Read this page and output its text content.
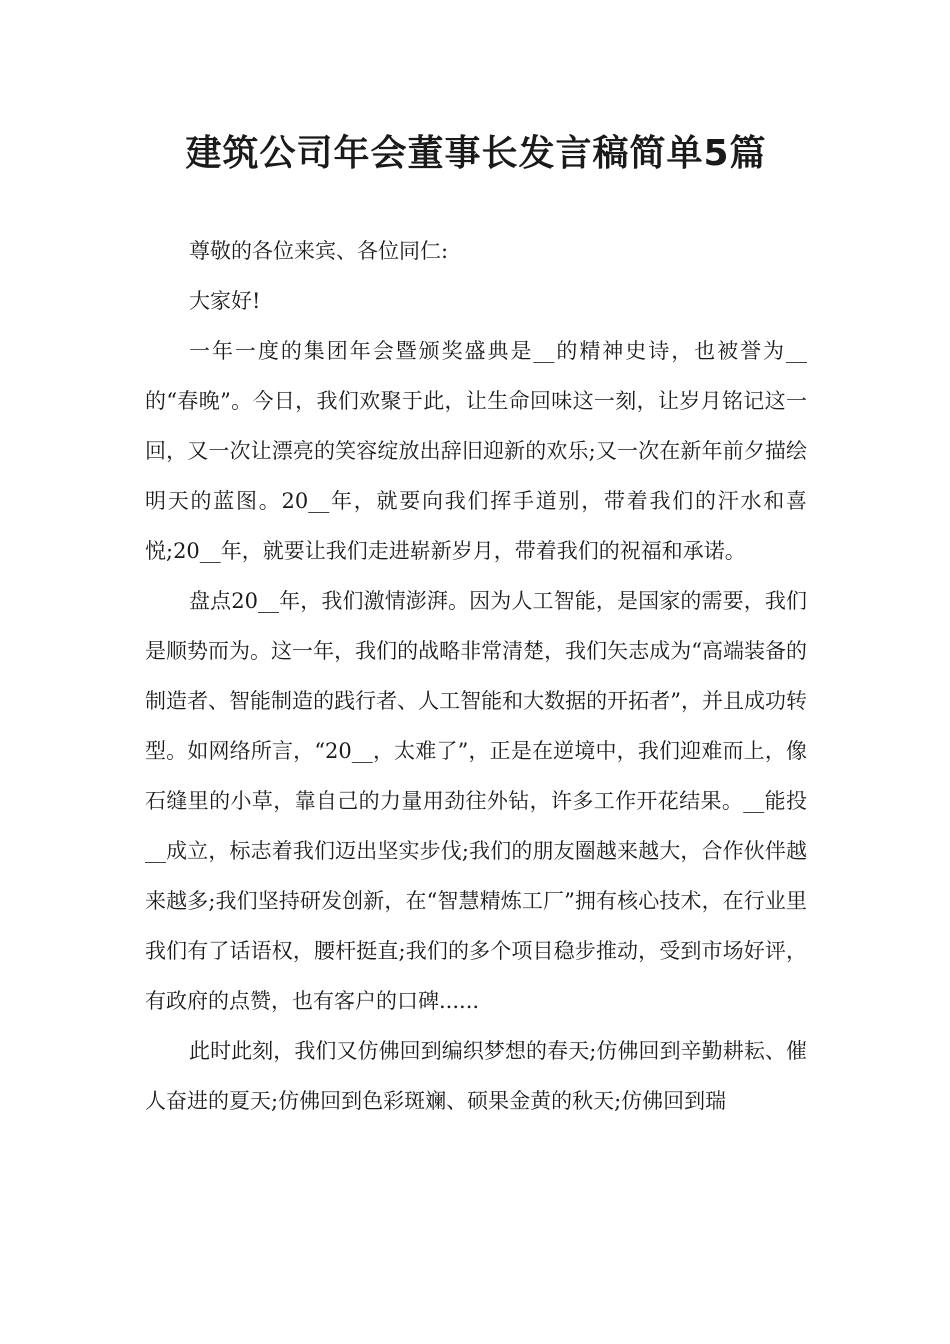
建筑公司年会董事长发言稿简单5篇

尊敬的各位来宾、各位同仁:

大家好!

一年一度的集团年会暨颁奖盛典是__的精神史诗，也被誉为__的“春晚”。今日，我们欢聚于此，让生命回味这一刻，让岁月铭记这一回，又一次让漂亮的笑容绽放出辞旧迎新的欢乐;又一次在新年前夕描绘明天的蓝图。20__年，就要向我们挥手道别，带着我们的汗水和喜悦;20__年，就要让我们走进崭新岁月，带着我们的祝福和承诺。

盘点20__年，我们激情澎湃。因为人工智能，是国家的需要，我们是顺势而为。这一年，我们的战略非常清楚，我们矢志成为“高端装备的制造者、智能制造的践行者、人工智能和大数据的开拓者”，并且成功转型。如网络所言，“20__，太难了”，正是在逆境中，我们迎难而上，像石缝里的小草，靠自己的力量用劲往外钻，许多工作开花结果。__能投__成立，标志着我们迈出坚实步伐;我们的朋友圈越来越大，合作伙伴越来越多;我们坚持研发创新，在“智慧精炼工厂”拥有核心技术，在行业里我们有了话语权，腰杆挺直;我们的多个项目稳步推动，受到市场好评，有政府的点赞，也有客户的口碑......

此时此刻，我们又仿佛回到编织梦想的春天;仿佛回到辛勤耕耘、催人奋进的夏天;仿佛回到色彩斑斓、硕果金黄的秋天;仿佛回到瑞
